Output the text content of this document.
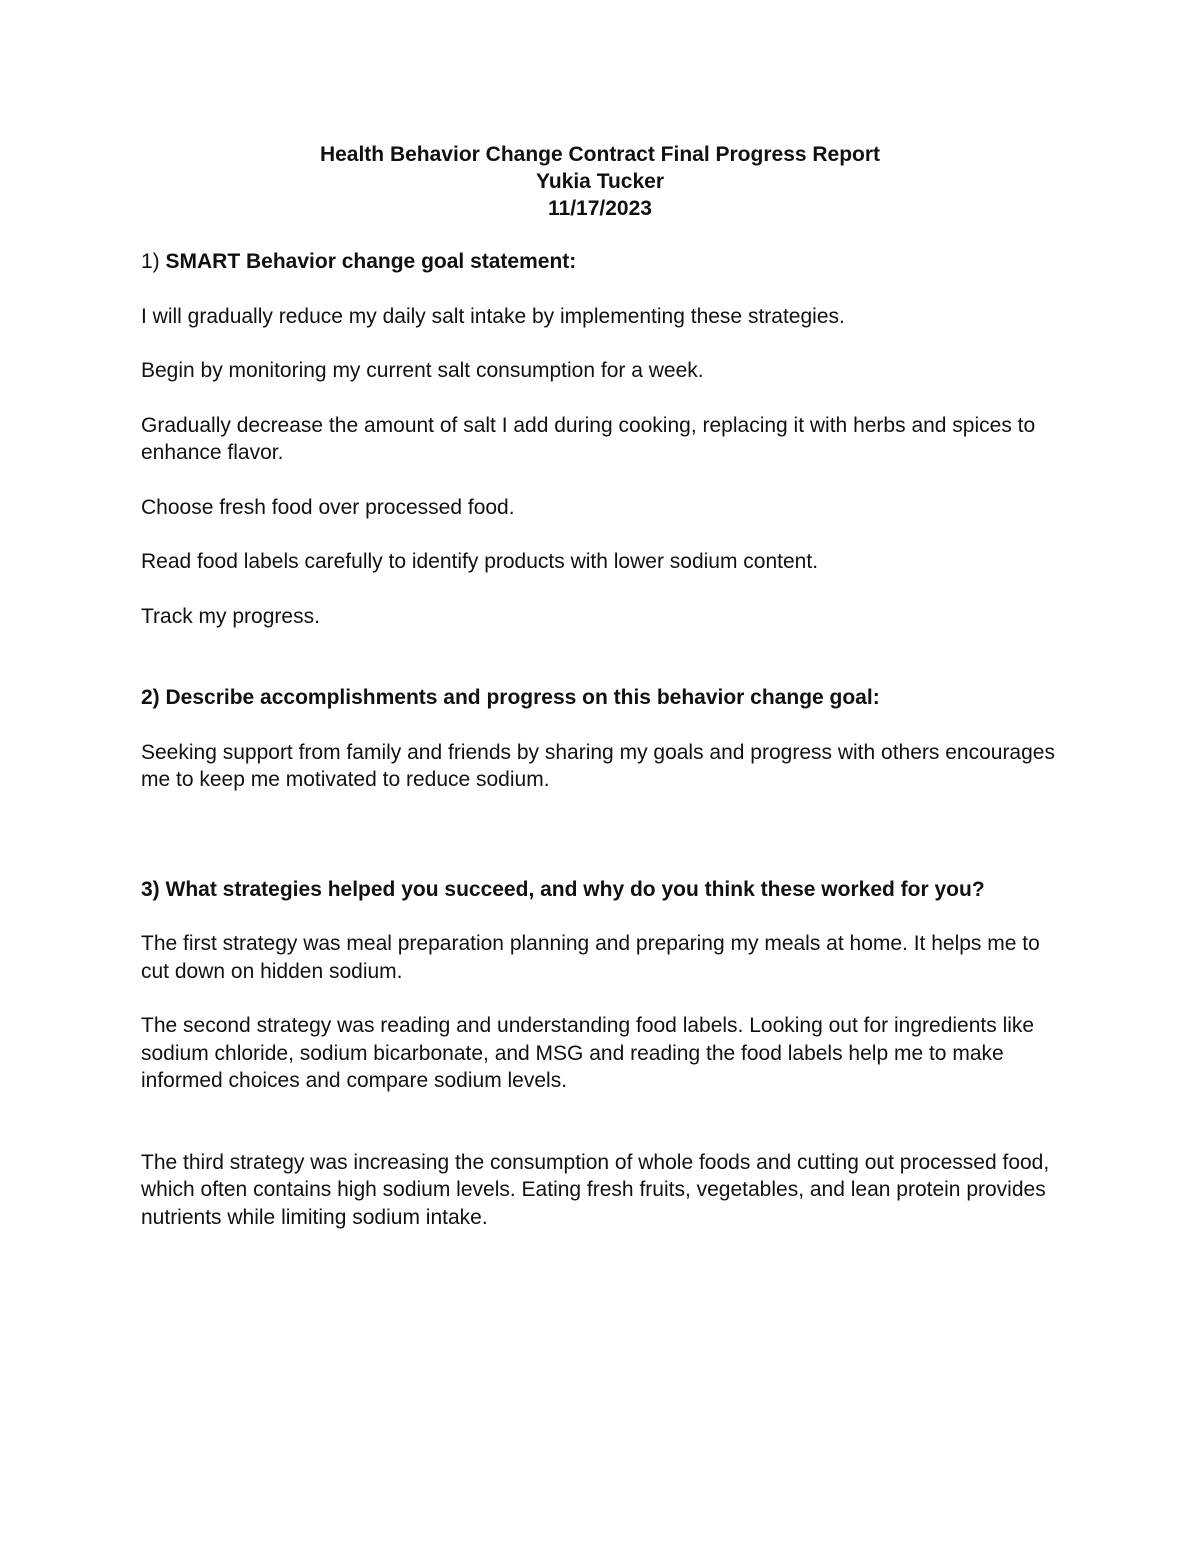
Health Behavior Change Contract Final Progress Report
Yukia Tucker
11/17/2023

1) SMART Behavior change goal statement:

I will gradually reduce my daily salt intake by implementing these strategies.

Begin by monitoring my current salt consumption for a week.

Gradually decrease the amount of salt I add during cooking, replacing it with herbs and spices to enhance flavor.

Choose fresh food over processed food.

Read food labels carefully to identify products with lower sodium content.

Track my progress.

2) Describe accomplishments and progress on this behavior change goal:

Seeking support from family and friends by sharing my goals and progress with others encourages me to keep me motivated to reduce sodium.

3) What strategies helped you succeed, and why do you think these worked for you?

The first strategy was meal preparation planning and preparing my meals at home. It helps me to cut down on hidden sodium.

The second strategy was reading and understanding food labels. Looking out for ingredients like sodium chloride, sodium bicarbonate, and MSG and reading the food labels help me to make informed choices and compare sodium levels.

The third strategy was increasing the consumption of whole foods and cutting out processed food, which often contains high sodium levels. Eating fresh fruits, vegetables, and lean protein provides nutrients while limiting sodium intake.
